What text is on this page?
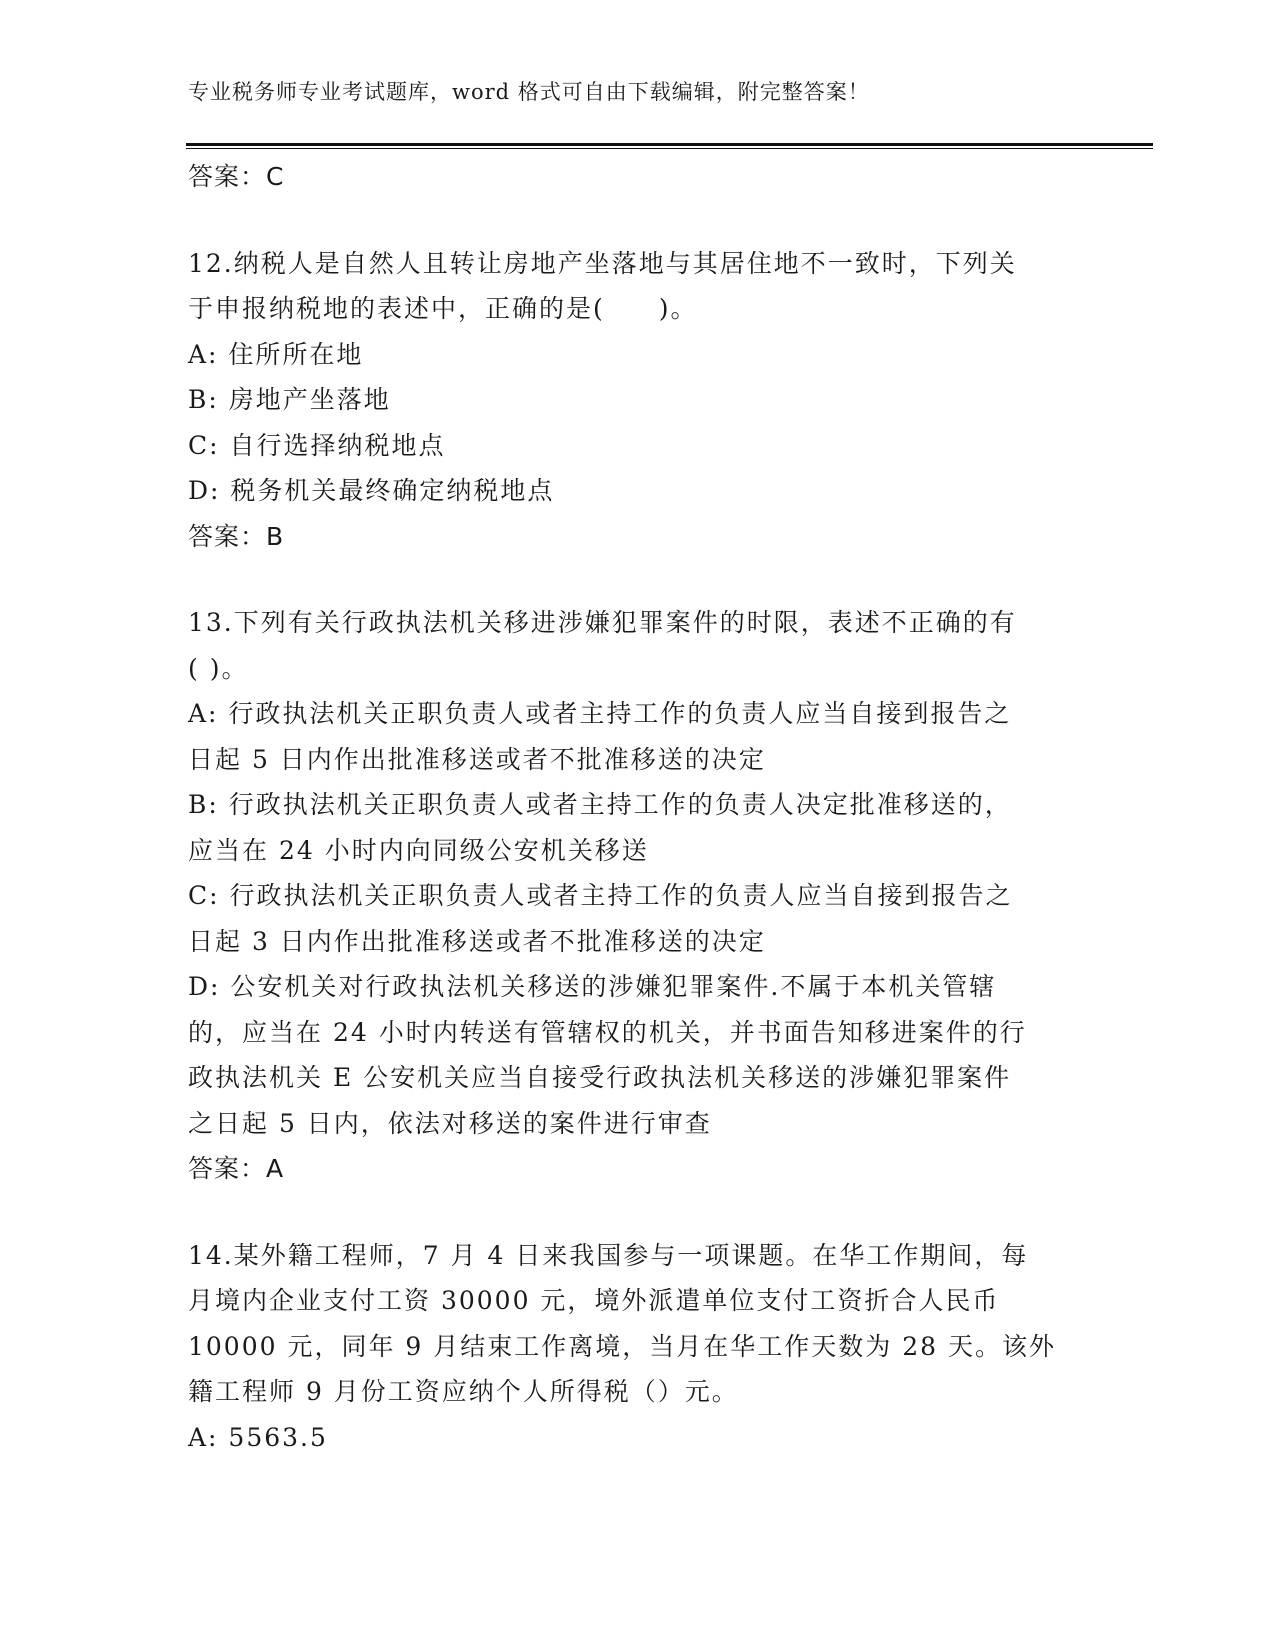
专业税务师专业考试题库，word 格式可自由下载编辑，附完整答案！
答案：C
12.纳税人是自然人且转让房地产坐落地与其居住地不一致时，下列关
于申报纳税地的表述中，正确的是(　　)。
A: 住所所在地
B: 房地产坐落地
C: 自行选择纳税地点
D: 税务机关最终确定纳税地点
答案：B
13.下列有关行政执法机关移进涉嫌犯罪案件的时限，表述不正确的有
( )。
A: 行政执法机关正职负责人或者主持工作的负责人应当自接到报告之
日起 5 日内作出批准移送或者不批准移送的决定
B: 行政执法机关正职负责人或者主持工作的负责人决定批准移送的，
应当在 24 小时内向同级公安机关移送
C: 行政执法机关正职负责人或者主持工作的负责人应当自接到报告之
日起 3 日内作出批准移送或者不批准移送的决定
D: 公安机关对行政执法机关移送的涉嫌犯罪案件.不属于本机关管辖
的，应当在 24 小时内转送有管辖权的机关，并书面告知移进案件的行
政执法机关 E 公安机关应当自接受行政执法机关移送的涉嫌犯罪案件
之日起 5 日内，依法对移送的案件进行审查
答案：A
14.某外籍工程师，7 月 4 日来我国参与一项课题。在华工作期间，每
月境内企业支付工资 30000 元，境外派遣单位支付工资折合人民币
10000 元，同年 9 月结束工作离境，当月在华工作天数为 28 天。该外
籍工程师 9 月份工资应纳个人所得税（）元。
A: 5563.5
